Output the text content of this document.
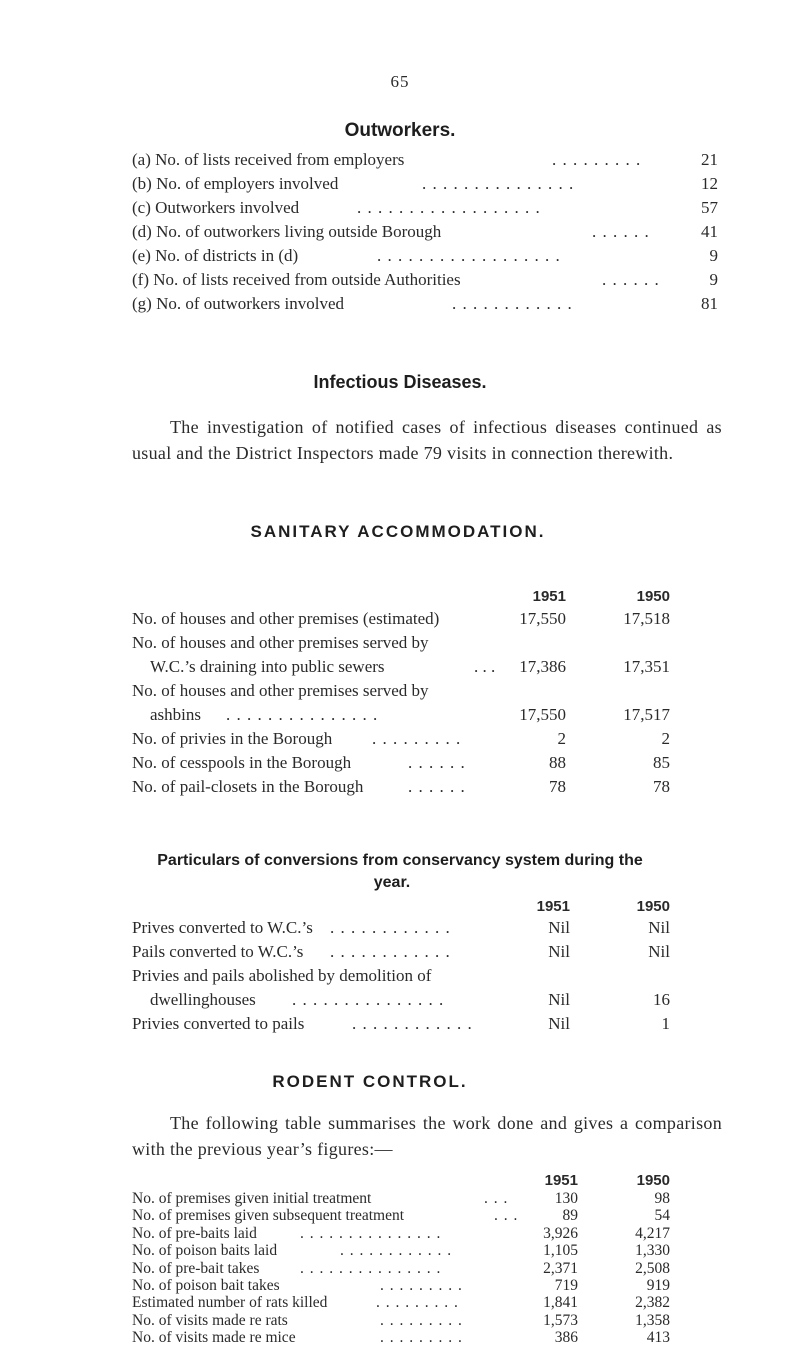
65
Outworkers.
(a) No. of lists received from employers	. . . . . . . . .	21
(b) No. of employers involved	. . . . . . . . . . . . . . .	12
(c) Outworkers involved	. . . . . . . . . . . . . . . . . .	57
(d) No. of outworkers living outside Borough	. . . . . .	41
(e) No. of districts in (d)	. . . . . . . . . . . . . . . . . .	9
(f) No. of lists received from outside Authorities	. . . . . .	9
(g) No. of outworkers involved	. . . . . . . . . . . .	81
Infectious Diseases.
The investigation of notified cases of infectious diseases continued as usual and the District Inspectors made 79 visits in connection therewith.
SANITARY ACCOMMODATION.
1951	1950
No. of houses and other premises (estimated)	17,550	17,518
No. of houses and other premises served by
W.C.’s draining into public sewers	. . .	17,386	17,351
No. of houses and other premises served by
ashbins . . . . . . . . . . . . . . .	17,550	17,517
No. of privies in the Borough . . . . . . . . .	2	2
No. of cesspools in the Borough	. . . . . .	88	85
No. of pail-closets in the Borough	. . . . . .	78	78
Particulars of conversions from conservancy system during the
year.
1951	1950
Prives converted to W.C.’s . . . . . . . . . . . .	Nil	Nil
Pails converted to W.C.’s . . . . . . . . . . . .	Nil	Nil
Privies and pails abolished by demolition of
dwellinghouses . . . . . . . . . . . . . . .	Nil	16
Privies converted to pails	. . . . . . . . . . . .	Nil	1
RODENT CONTROL.
The following table summarises the work done and gives a comparison with the previous year’s figures:—
1951	1950
No. of premises given initial treatment	. . .	130	98
No. of premises given subsequent treatment	. . .	89	54
No. of pre-baits laid	. . . . . . . . . . . . . . .	3,926	4,217
No. of poison baits laid	. . . . . . . . . . . .	1,105	1,330
No. of pre-bait takes	. . . . . . . . . . . . . . .	2,371	2,508
No. of poison bait takes	. . . . . . . . .	719	919
Estimated number of rats killed	. . . . . . . . .	1,841	2,382
No. of visits made re rats	. . . . . . . . .	1,573	1,358
No. of visits made re mice	. . . . . . . . .	386	413
